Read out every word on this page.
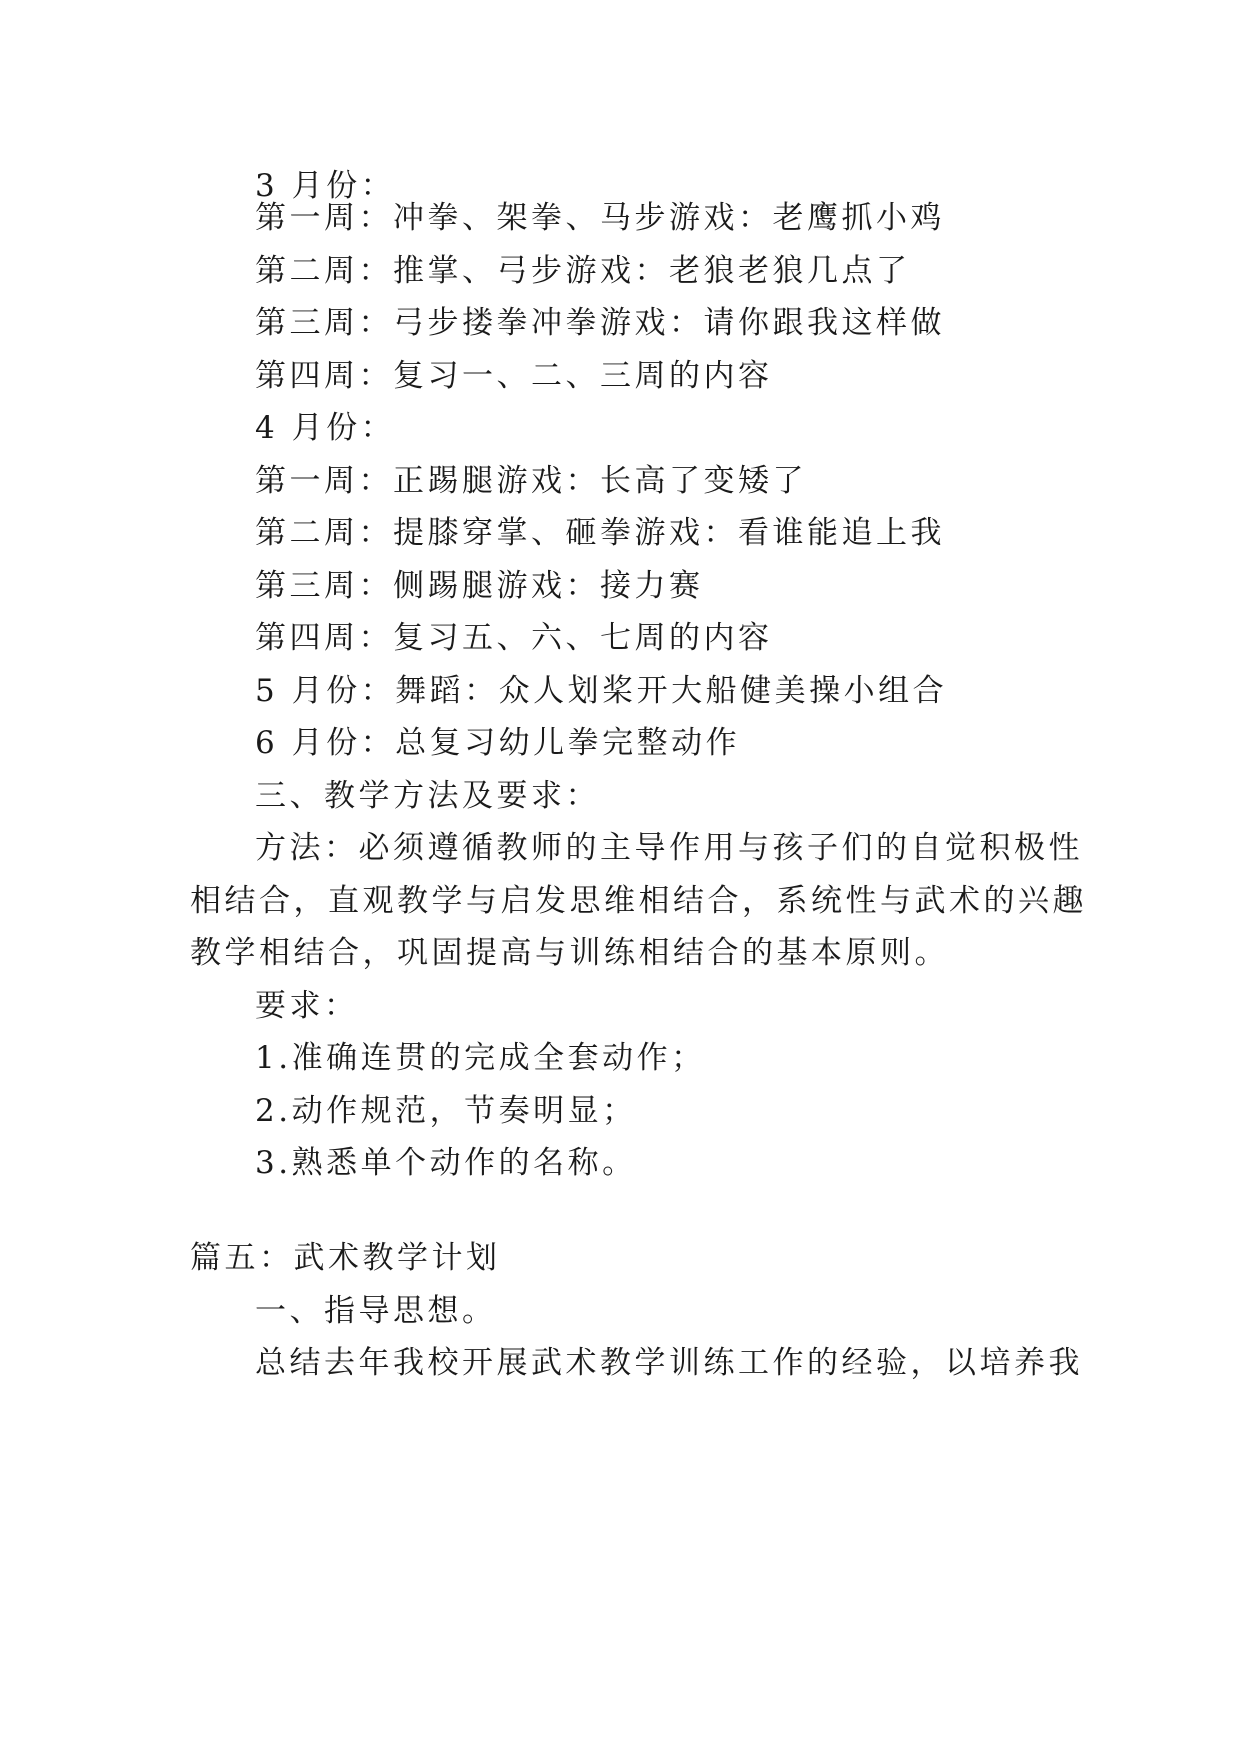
3 月份：
第一周：冲拳、架拳、马步游戏：老鹰抓小鸡
第二周：推掌、弓步游戏：老狼老狼几点了
第三周：弓步搂拳冲拳游戏：请你跟我这样做
第四周：复习一、二、三周的内容
4 月份：
第一周：正踢腿游戏：长高了变矮了
第二周：提膝穿掌、砸拳游戏：看谁能追上我
第三周：侧踢腿游戏：接力赛
第四周：复习五、六、七周的内容
5 月份：舞蹈：众人划桨开大船健美操小组合
6 月份：总复习幼儿拳完整动作
三、教学方法及要求：
方法：必须遵循教师的主导作用与孩子们的自觉积极性
相结合，直观教学与启发思维相结合，系统性与武术的兴趣
教学相结合，巩固提高与训练相结合的基本原则。
要求：
1.准确连贯的完成全套动作；
2.动作规范，节奏明显；
3.熟悉单个动作的名称。
篇五：武术教学计划
一、指导思想。
总结去年我校开展武术教学训练工作的经验，以培养我
